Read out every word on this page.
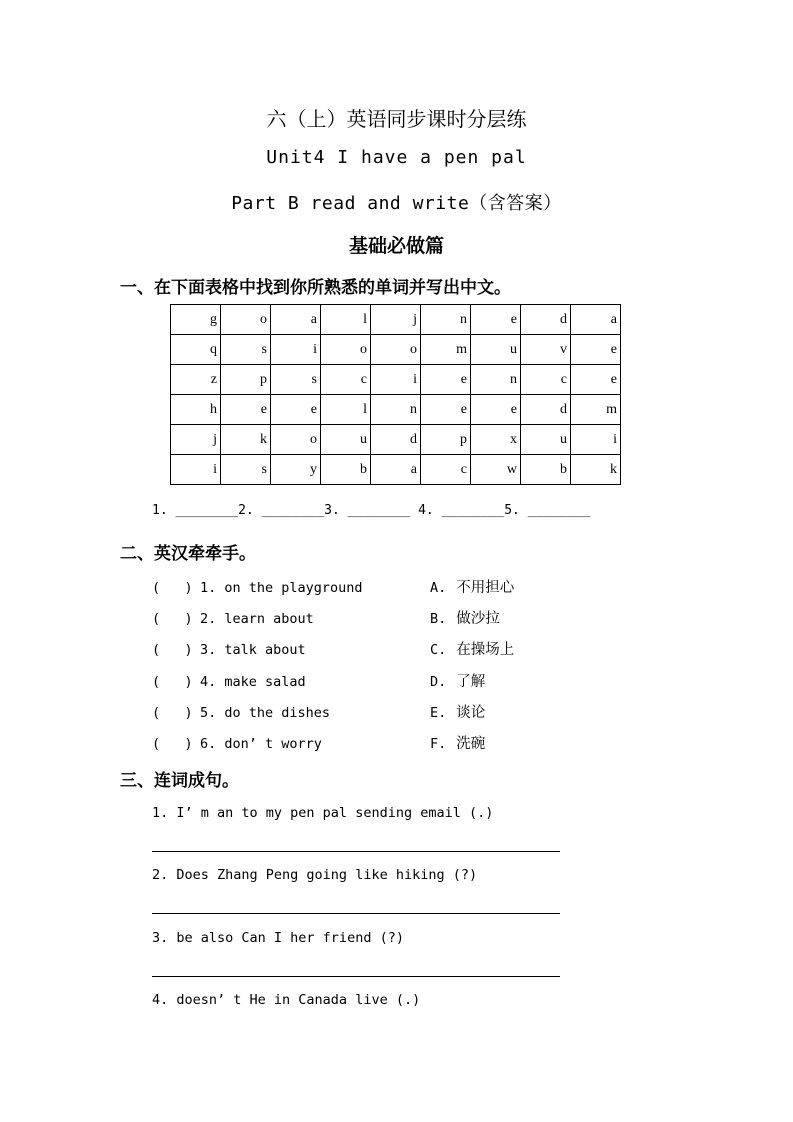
六（上）英语同步课时分层练
Unit4 I have a pen pal
Part B read and write（含答案）
基础必做篇
一、在下面表格中找到你所熟悉的单词并写出中文。
g	o	a	l	j	n	e	d	a
q	s	i	o	o	m	u	v	e
z	p	s	c	i	e	n	c	e
h	e	e	l	n	e	e	d	m
j	k	o	u	d	p	x	u	i
i	s	y	b	a	c	w	b	k
1. ________2. ________3. ________ 4. ________5. ________
二、英汉牵牵手。
(   ) 1. on the playground	A. 不用担心
(   ) 2. learn about	B. 做沙拉
(   ) 3. talk about	C. 在操场上
(   ) 4. make salad	D. 了解
(   ) 5. do the dishes	E. 谈论
(   ) 6. don’ t worry	F. 洗碗
三、连词成句。
1. I’ m an to my pen pal sending email (.)
2. Does Zhang Peng going like hiking (?)
3. be also Can I her friend (?)
4. doesn’ t He in Canada live (.)
